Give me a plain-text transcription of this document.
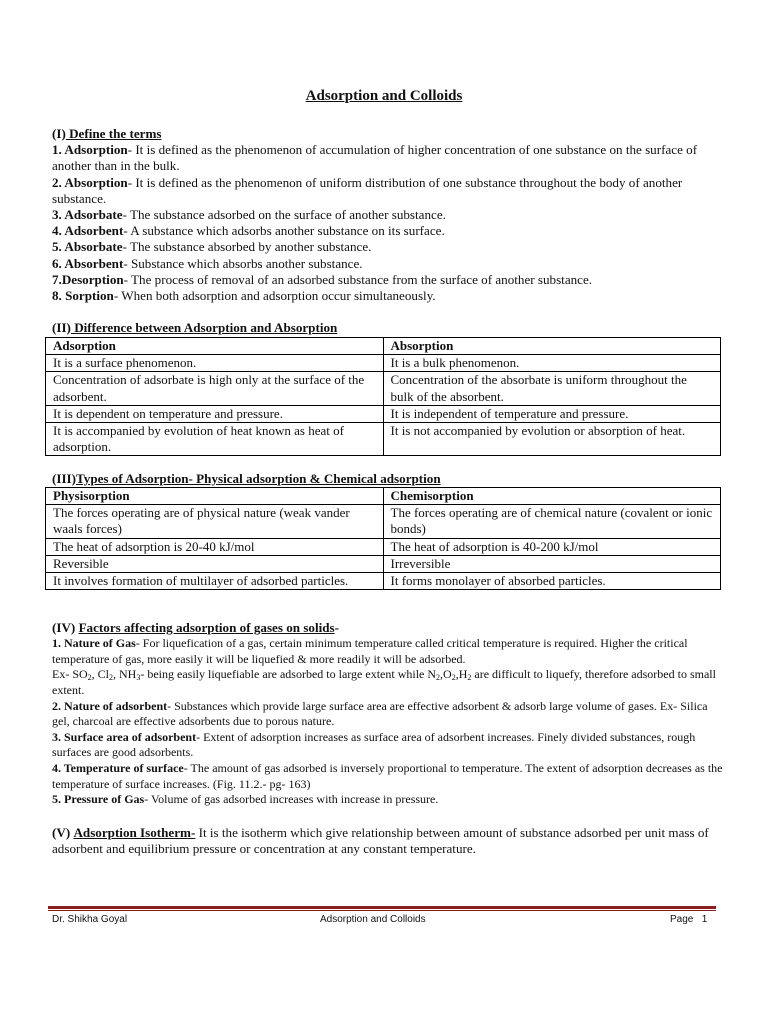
Adsorption and Colloids

(I) Define the terms

1. Adsorption- It is defined as the phenomenon of accumulation of higher concentration of one substance on the surface of another than in the bulk.

2. Absorption- It is defined as the phenomenon of uniform distribution of one substance throughout the body of another substance.

3. Adsorbate- The substance adsorbed on the surface of another substance.

4. Adsorbent- A substance which adsorbs another substance on its surface.

5. Absorbate- The substance absorbed by another substance.

6. Absorbent- Substance which absorbs another substance.

7.Desorption- The process of removal of an adsorbed substance from the surface of another substance.

8. Sorption- When both adsorption and adsorption occur simultaneously.

(II) Difference between Adsorption and Absorption

Adsorption	Absorption
It is a surface phenomenon.	It is a bulk phenomenon.
Concentration of adsorbate is high only at the surface of the adsorbent.	Concentration of the absorbate is uniform throughout the bulk of the absorbent.
It is dependent on temperature and pressure.	It is independent of temperature and pressure.
It is accompanied by evolution of heat known as heat of adsorption.	It is not accompanied by evolution or absorption of heat.

(III)Types of Adsorption- Physical adsorption & Chemical adsorption

Physisorption	Chemisorption
The forces operating are of physical nature (weak vander waals forces)	The forces operating are of chemical nature (covalent or ionic bonds)
The heat of adsorption is 20-40 kJ/mol	The heat of adsorption is 40-200 kJ/mol
Reversible	Irreversible
It involves formation of multilayer of adsorbed particles.	It forms monolayer of absorbed particles.

(IV) Factors affecting adsorption of gases on solids-

1. Nature of Gas- For liquefication of a gas, certain minimum temperature called critical temperature is required. Higher the critical temperature of gas, more easily it will be liquefied & more readily it will be adsorbed.

Ex- $SO_2$, $Cl_2$, $NH_3-$ being easily liquefiable are adsorbed to large extent while $N_2,O_2,H_2$ are difficult to liquefy, therefore adsorbed to small extent.

2. Nature of adsorbent- Substances which provide large surface area are effective adsorbent & adsorb large volume of gases. Ex- Silica gel, charcoal are effective adsorbents due to porous nature.

3. Surface area of adsorbent- Extent of adsorption increases as surface area of adsorbent increases. Finely divided substances, rough surfaces are good adsorbents.

4. Temperature of surface- The amount of gas adsorbed is inversely proportional to temperature. The extent of adsorption decreases as the temperature of surface increases. (Fig. 11.2.- pg- 163)

5. Pressure of Gas- Volume of gas adsorbed increases with increase in pressure.

(V) Adsorption Isotherm- It is the isotherm which give relationship between amount of substance adsorbed per unit mass of adsorbent and equilibrium pressure or concentration at any constant temperature.

Dr. Shikha Goyal	Adsorption and Colloids	Page 1
